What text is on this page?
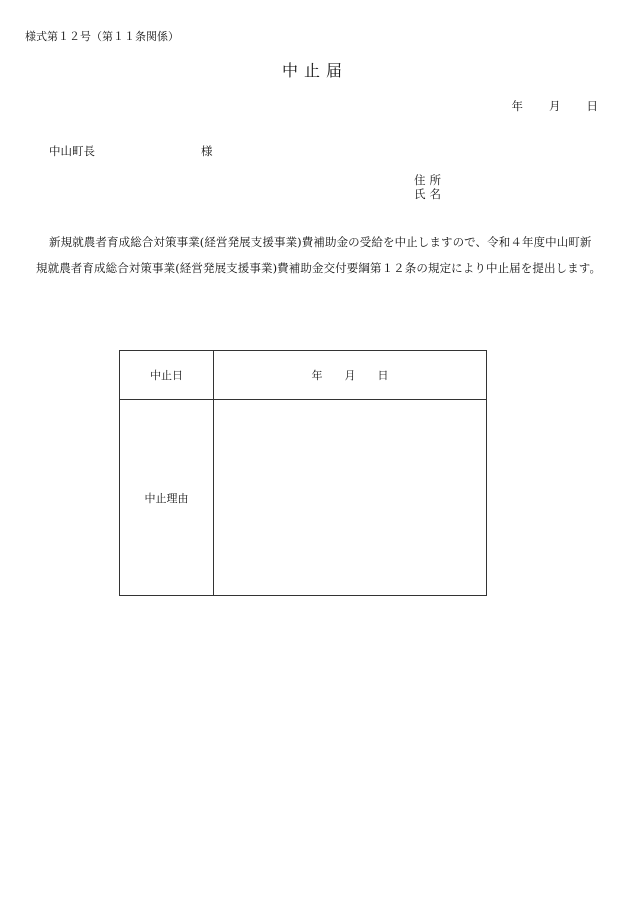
様式第１２号（第１１条関係）
中止届
年 月 日
中山町長	様
住所
氏名
新規就農者育成総合対策事業(経営発展支援事業)費補助金の受給を中止しますので、令和４年度中山町新規就農者育成総合対策事業(経営発展支援事業)費補助金交付要綱第１２条の規定により中止届を提出します。
中止日	年 月 日
中止理由	
